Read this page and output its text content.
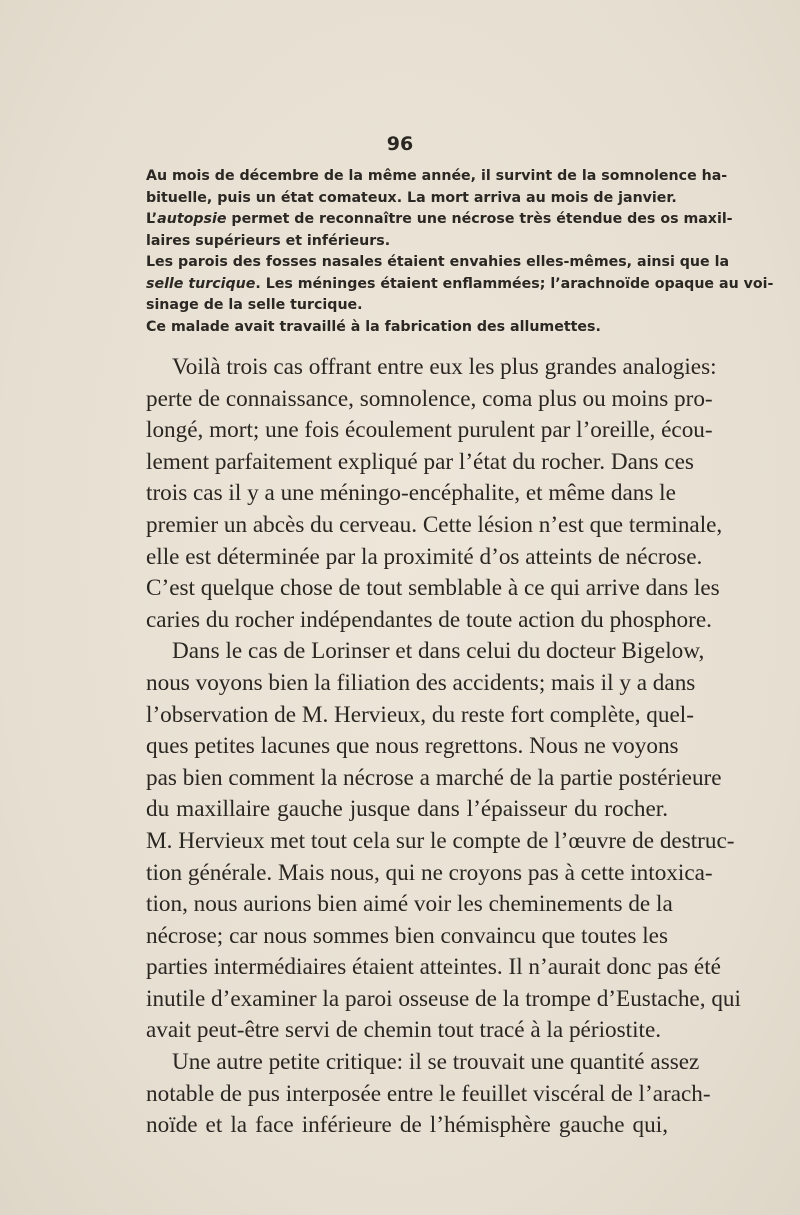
96
Au mois de décembre de la même année, il survint de la somnolence ha-
bituelle, puis un état comateux. La mort arriva au mois de janvier.
L’autopsie permet de reconnaître une nécrose très étendue des os maxil-
laires supérieurs et inférieurs.
Les parois des fosses nasales étaient envahies elles-mêmes, ainsi que la
selle turcique. Les méninges étaient enflammées; l’arachnoïde opaque au voi-
sinage de la selle turcique.
Ce malade avait travaillé à la fabrication des allumettes.
Voilà trois cas offrant entre eux les plus grandes analogies:
perte de connaissance, somnolence, coma plus ou moins pro-
longé, mort; une fois écoulement purulent par l’oreille, écou-
lement parfaitement expliqué par l’état du rocher. Dans ces
trois cas il y a une méningo-encéphalite, et même dans le
premier un abcès du cerveau. Cette lésion n’est que terminale,
elle est déterminée par la proximité d’os atteints de nécrose.
C’est quelque chose de tout semblable à ce qui arrive dans les
caries du rocher indépendantes de toute action du phosphore.
Dans le cas de Lorinser et dans celui du docteur Bigelow,
nous voyons bien la filiation des accidents; mais il y a dans
l’observation de M. Hervieux, du reste fort complète, quel-
ques petites lacunes que nous regrettons. Nous ne voyons
pas bien comment la nécrose a marché de la partie postérieure
du maxillaire gauche jusque dans l’épaisseur du rocher.
M. Hervieux met tout cela sur le compte de l’œuvre de destruc-
tion générale. Mais nous, qui ne croyons pas à cette intoxica-
tion, nous aurions bien aimé voir les cheminements de la
nécrose; car nous sommes bien convaincu que toutes les
parties intermédiaires étaient atteintes. Il n’aurait donc pas été
inutile d’examiner la paroi osseuse de la trompe d’Eustache, qui
avait peut-être servi de chemin tout tracé à la périostite.
Une autre petite critique: il se trouvait une quantité assez
notable de pus interposée entre le feuillet viscéral de l’arach-
noïde et la face inférieure de l’hémisphère gauche qui,
